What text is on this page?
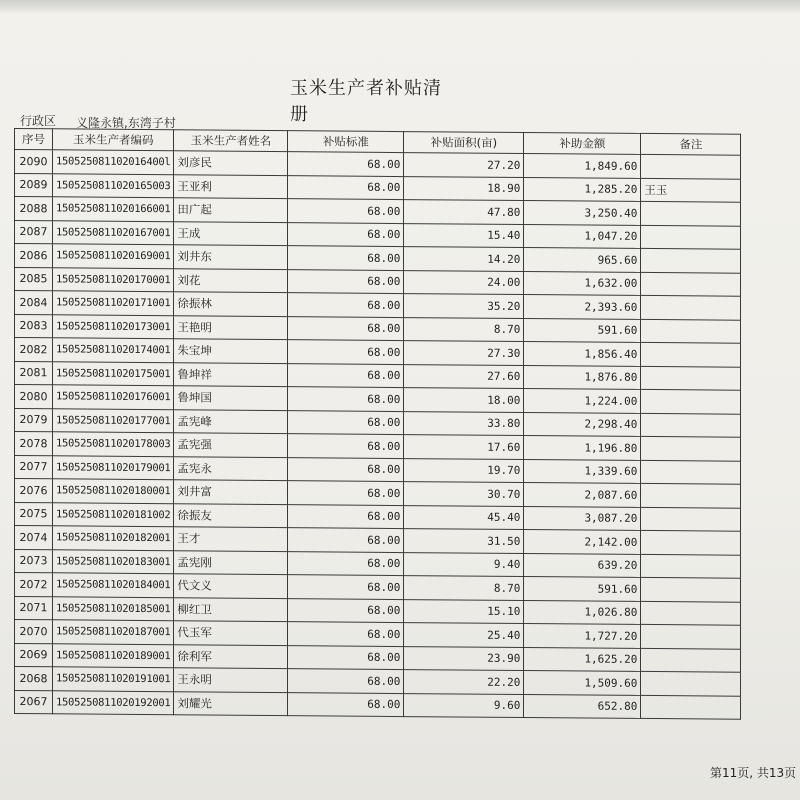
玉米生产者补贴清册
行政区 义隆永镇,东湾子村
序号	玉米生产者编码	玉米生产者姓名	补贴标准	补贴面积(亩)	补助金额	备注
2090	150525081102016400l	刘彦民	68.00	27.20	1,849.60	
2089	1505250811020165003	王亚利	68.00	18.90	1,285.20	王玉
2088	1505250811020166001	田广起	68.00	47.80	3,250.40	
2087	1505250811020167001	王成	68.00	15.40	1,047.20	
2086	1505250811020169001	刘井东	68.00	14.20	965.60	
2085	1505250811020170001	刘花	68.00	24.00	1,632.00	
2084	1505250811020171001	徐振林	68.00	35.20	2,393.60	
2083	1505250811020173001	王艳明	68.00	8.70	591.60	
2082	1505250811020174001	朱宝坤	68.00	27.30	1,856.40	
2081	1505250811020175001	鲁坤祥	68.00	27.60	1,876.80	
2080	1505250811020176001	鲁坤国	68.00	18.00	1,224.00	
2079	1505250811020177001	孟宪峰	68.00	33.80	2,298.40	
2078	1505250811020178003	孟宪强	68.00	17.60	1,196.80	
2077	1505250811020179001	孟宪永	68.00	19.70	1,339.60	
2076	1505250811020180001	刘井富	68.00	30.70	2,087.60	
2075	1505250811020181002	徐振友	68.00	45.40	3,087.20	
2074	1505250811020182001	王才	68.00	31.50	2,142.00	
2073	1505250811020183001	孟宪刚	68.00	9.40	639.20	
2072	1505250811020184001	代文义	68.00	8.70	591.60	
2071	1505250811020185001	柳红卫	68.00	15.10	1,026.80	
2070	1505250811020187001	代玉军	68.00	25.40	1,727.20	
2069	1505250811020189001	徐利军	68.00	23.90	1,625.20	
2068	1505250811020191001	王永明	68.00	22.20	1,509.60	
2067	1505250811020192001	刘耀光	68.00	9.60	652.80	
第11页, 共13页
